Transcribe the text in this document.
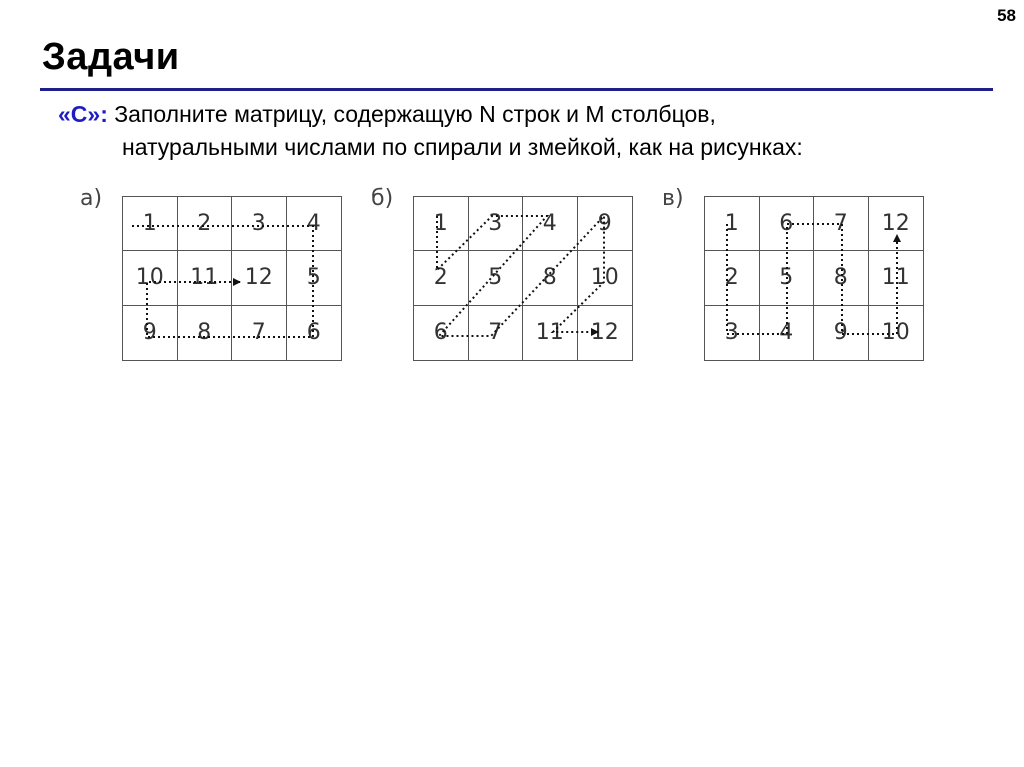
58
Задачи
«C»: Заполните матрицу, содержащую N строк и M столбцов,
натуральными числами по спирали и змейкой, как на рисунках:
а)	б)	в)
1	2	3	4
10	11	12	5
9	8	7	6
1	3	4	9
2	5	8	10
6	7	11	12
1	6	7	12
2	5	8	11
3	4	9	10
